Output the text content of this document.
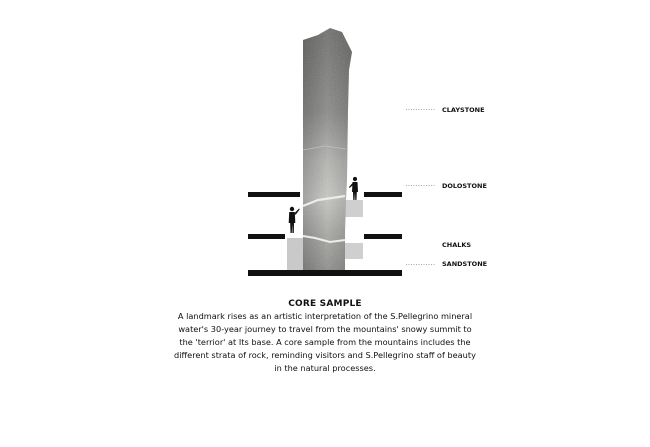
CLAYSTONE
DOLOSTONE
CHALKS
SANDSTONE
CORE SAMPLE
A landmark rises as an artistic interpretation of the S.Pellegrino mineral
water's 30-year journey to travel from the mountains' snowy summit to
the 'terrior' at Its base. A core sample from the mountains includes the
different strata of rock, reminding visitors and S.Pellegrino staff of beauty
in the natural processes.
